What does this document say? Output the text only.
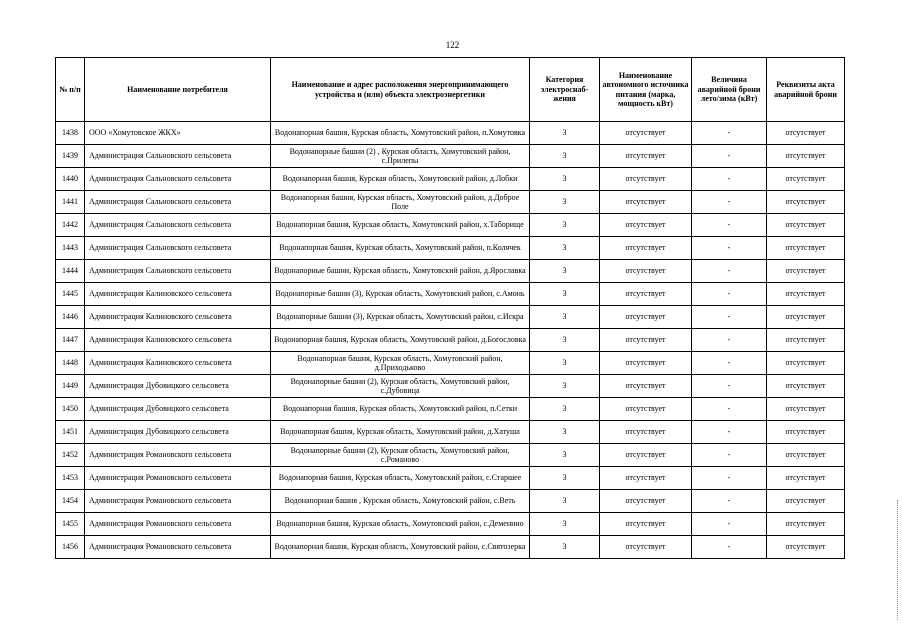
122
№ п/п	Наименование потребителя	Наименование и адрес расположения энергопринимающего устройства и (или) объекта электроэнергетики	Категория электроснаб-жения	Наименование автономного источника питания (марка, мощность кВт)	Величина аварийной брони лето/зима (кВт)	Реквизиты акта аварийной брони
1438	ООО «Хомутовское ЖКХ»	Водонапорная башня, Курская область, Хомутовский район, п.Хомутовка	3	отсутствует	-	отсутствует
1439	Администрация Сальновского сельсовета	Водонапорные башни (2) , Курская область, Хомутовский район, с.Прилепы	3	отсутствует	-	отсутствует
1440	Администрация Сальновского сельсовета	Водонапорная башня, Курская область, Хомутовский район, д.Лобки	3	отсутствует	-	отсутствует
1441	Администрация Сальновского сельсовета	Водонапорная башня, Курская область, Хомутовский район, д.Доброе Поле	3	отсутствует	-	отсутствует
1442	Администрация Сальновского сельсовета	Водонапорная башня, Курская область, Хомутовский район, х.Таборище	3	отсутствует	-	отсутствует
1443	Администрация Сальновского сельсовета	Водонапорная башня, Курская область, Хомутовский район, п.Колячек	3	отсутствует	-	отсутствует
1444	Администрация Сальновского сельсовета	Водонапорные башни, Курская область, Хомутовский район, д.Ярославка	3	отсутствует	-	отсутствует
1445	Администрация Калиновского сельсовета	Водонапорные башни (3), Курская область, Хомутовский район, с.Амонь	3	отсутствует	-	отсутствует
1446	Администрация Калиновского сельсовета	Водонапорные башни (3), Курская область, Хомутовский район, с.Искра	3	отсутствует	-	отсутствует
1447	Администрация Калиновского сельсовета	Водонапорная башня, Курская область, Хомутовский район, д.Богословка	3	отсутствует	-	отсутствует
1448	Администрация Калиновского сельсовета	Водонапорная башня, Курская область, Хомутовский район, д.Приходьково	3	отсутствует	-	отсутствует
1449	Администрация Дубовицкого сельсовета	Водонапорные башни (2), Курская область, Хомутовский район, с.Дубовица	3	отсутствует	-	отсутствует
1450	Администрация Дубовицкого сельсовета	Водонапорная башня, Курская область, Хомутовский район, п.Сетки	3	отсутствует	-	отсутствует
1451	Администрация Дубовицкого сельсовета	Водонапорная башня, Курская область, Хомутовский район, д.Хатуша	3	отсутствует	-	отсутствует
1452	Администрация Романовского сельсовета	Водонапорные башни (2), Курская область, Хомутовский район, с.Романово	3	отсутствует	-	отсутствует
1453	Администрация Романовского сельсовета	Водонапорная башня, Курская область, Хомутовский район, с.Старшее	3	отсутствует	-	отсутствует
1454	Администрация Романовского сельсовета	Водонапорная башня , Курская область, Хомутовский район, с.Веть	3	отсутствует	-	отсутствует
1455	Администрация Романовского сельсовета	Водонапорная башня, Курская область, Хомутовский район, с.Деменино	3	отсутствует	-	отсутствует
1456	Администрация Романовского сельсовета	Водонапорная башня, Курская область, Хомутовский район, с.Святозерка	3	отсутствует	-	отсутствует
